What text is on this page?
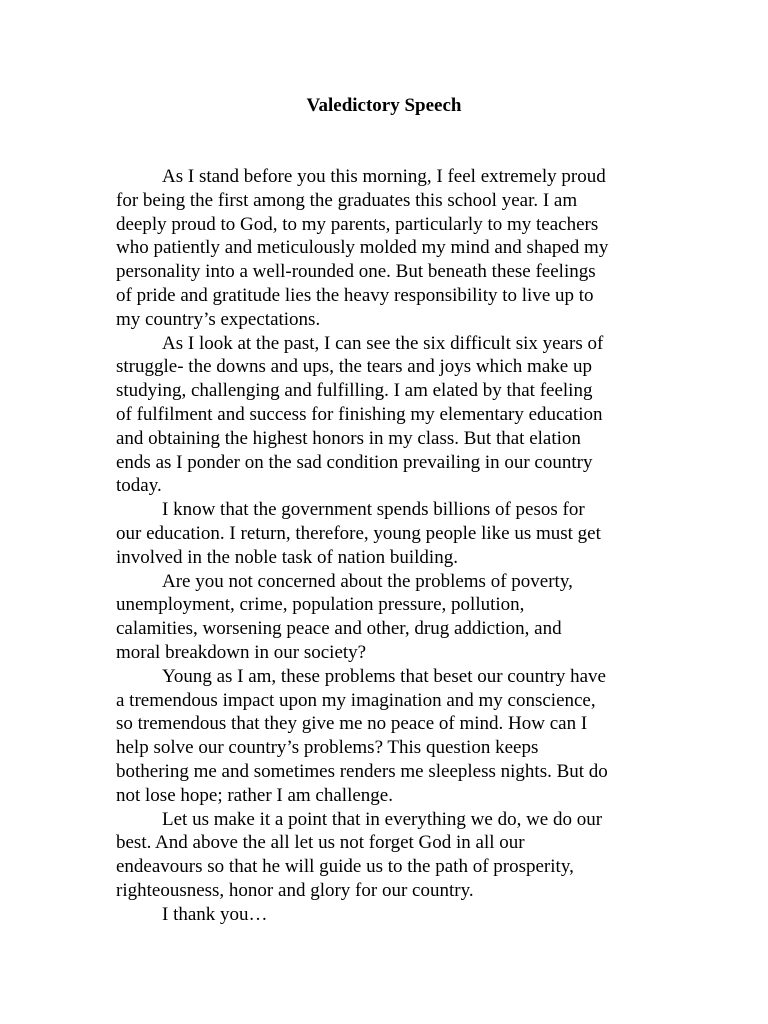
Valedictory Speech
As I stand before you this morning, I feel extremely proud
for being the first among the graduates this school year. I am
deeply proud to God, to my parents, particularly to my teachers
who patiently and meticulously molded my mind and shaped my
personality into a well-rounded one. But beneath these feelings
of pride and gratitude lies the heavy responsibility to live up to
my country’s expectations.
As I look at the past, I can see the six difficult six years of
struggle- the downs and ups, the tears and joys which make up
studying, challenging and fulfilling. I am elated by that feeling
of fulfilment and success for finishing my elementary education
and obtaining the highest honors in my class. But that elation
ends as I ponder on the sad condition prevailing in our country
today.
I know that the government spends billions of pesos for
our education. I return, therefore, young people like us must get
involved in the noble task of nation building.
Are you not concerned about the problems of poverty,
unemployment, crime, population pressure, pollution,
calamities, worsening peace and other, drug addiction, and
moral breakdown in our society?
Young as I am, these problems that beset our country have
a tremendous impact upon my imagination and my conscience,
so tremendous that they give me no peace of mind. How can I
help solve our country’s problems? This question keeps
bothering me and sometimes renders me sleepless nights. But do
not lose hope; rather I am challenge.
Let us make it a point that in everything we do, we do our
best. And above the all let us not forget God in all our
endeavours so that he will guide us to the path of prosperity,
righteousness, honor and glory for our country.
I thank you…
